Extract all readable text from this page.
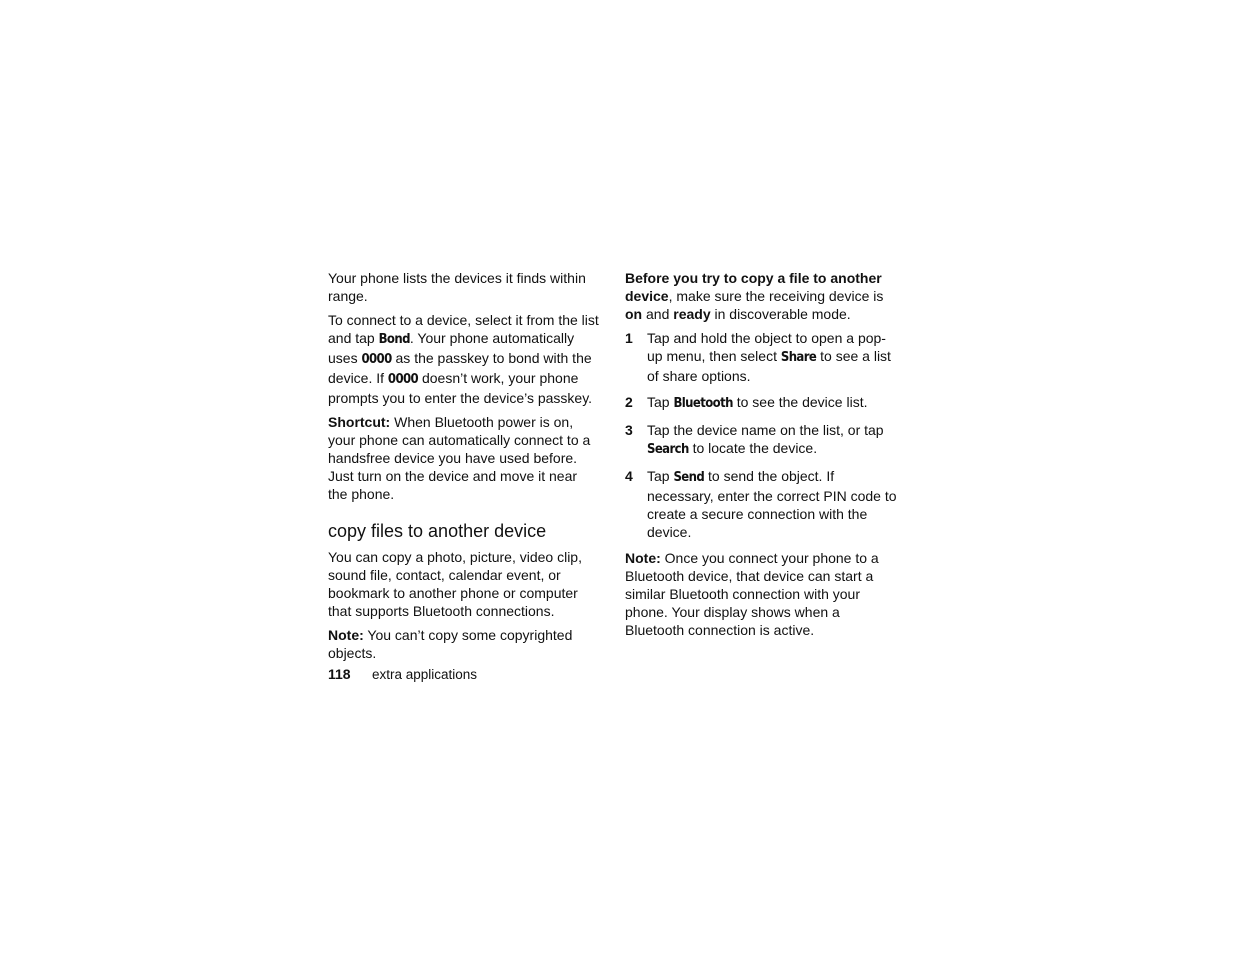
Your phone lists the devices it finds within range.

To connect to a device, select it from the list and tap Bond. Your phone automatically uses 0000 as the passkey to bond with the device. If 0000 doesn’t work, your phone prompts you to enter the device’s passkey.

Shortcut: When Bluetooth power is on, your phone can automatically connect to a handsfree device you have used before. Just turn on the device and move it near the phone.

copy files to another device

You can copy a photo, picture, video clip, sound file, contact, calendar event, or bookmark to another phone or computer that supports Bluetooth connections.

Note: You can’t copy some copyrighted objects.

Before you try to copy a file to another device, make sure the receiving device is on and ready in discoverable mode.

1	Tap and hold the object to open a pop-up menu, then select Share to see a list of share options.
2	Tap Bluetooth to see the device list.
3	Tap the device name on the list, or tap Search to locate the device.
4	Tap Send to send the object. If necessary, enter the correct PIN code to create a secure connection with the device.

Note: Once you connect your phone to a Bluetooth device, that device can start a similar Bluetooth connection with your phone. Your display shows when a Bluetooth connection is active.

118 extra applications
